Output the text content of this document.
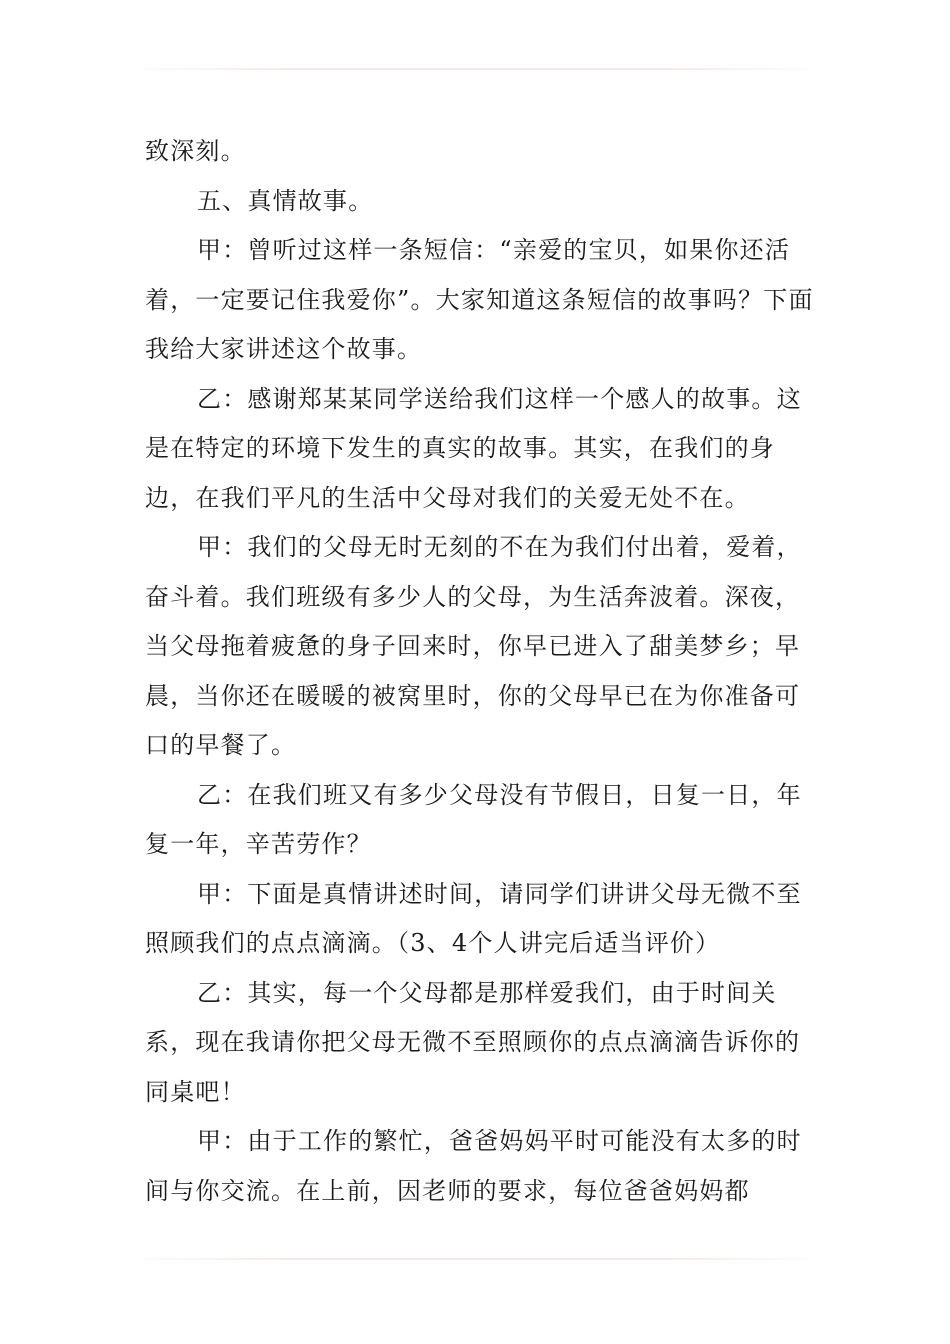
致深刻。

五、真情故事。

甲：曾听过这样一条短信：“亲爱的宝贝，如果你还活着，一定要记住我爱你”。大家知道这条短信的故事吗？下面我给大家讲述这个故事。

乙：感谢郑某某同学送给我们这样一个感人的故事。这是在特定的环境下发生的真实的故事。其实，在我们的身边，在我们平凡的生活中父母对我们的关爱无处不在。

甲：我们的父母无时无刻的不在为我们付出着，爱着，奋斗着。我们班级有多少人的父母，为生活奔波着。深夜，当父母拖着疲惫的身子回来时，你早已进入了甜美梦乡；早晨，当你还在暖暖的被窝里时，你的父母早已在为你准备可口的早餐了。

乙：在我们班又有多少父母没有节假日，日复一日，年复一年，辛苦劳作？

甲：下面是真情讲述时间，请同学们讲讲父母无微不至照顾我们的点点滴滴。（3、4个人讲完后适当评价）

乙：其实，每一个父母都是那样爱我们，由于时间关系，现在我请你把父母无微不至照顾你的点点滴滴告诉你的同桌吧！

甲：由于工作的繁忙，爸爸妈妈平时可能没有太多的时间与你交流。在上前，因老师的要求，每位爸爸妈妈都
